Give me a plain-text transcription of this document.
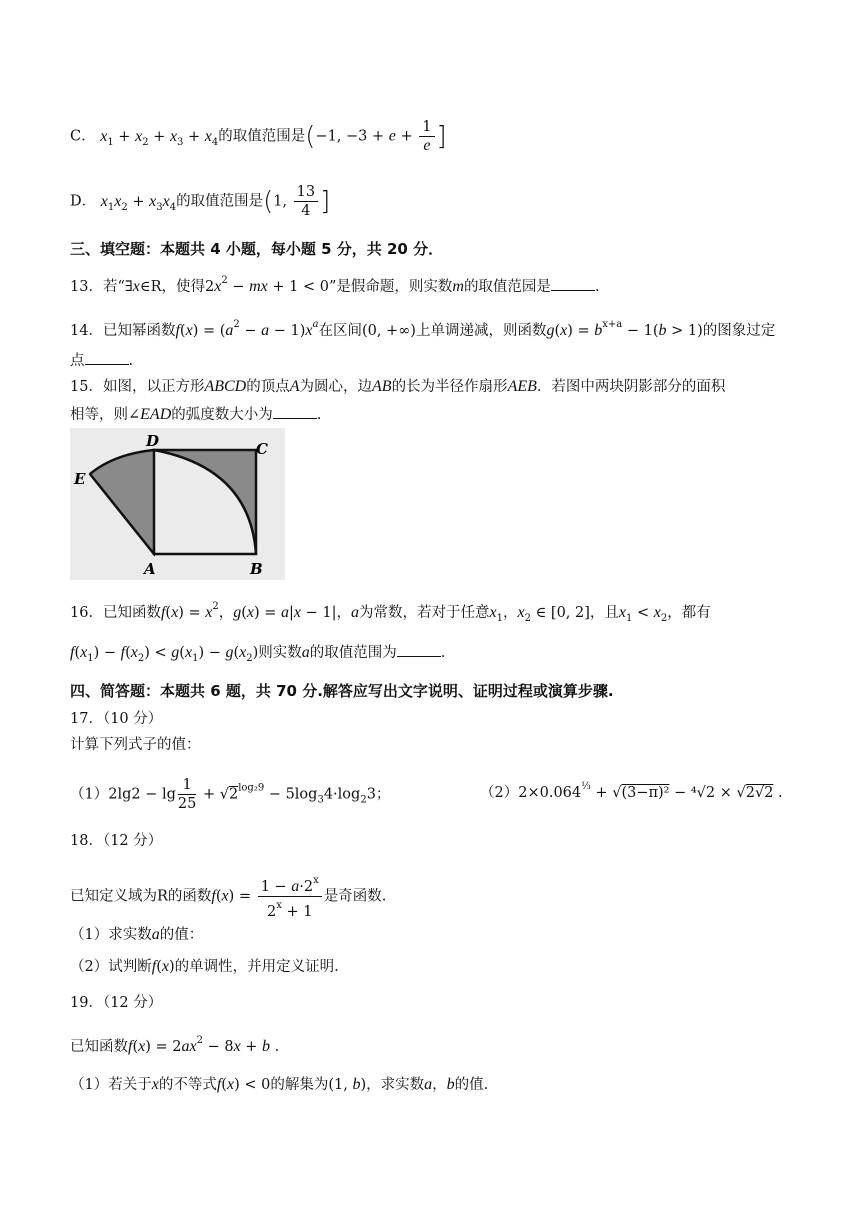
C． $x_1 + x_2 + x_3 + x_4$的取值范围是(−1, $-3 + e + \frac{1}{e}$ ]
D． $x_1x_2 + x_3x_4$的取值范围是(1, $\frac{13}{4}$ ]
三、填空题：本题共 4 小题，每小题 5 分，共 20 分．
13．若“∃x∈R，使得$2x^2$ − mx + 1 < 0”是假命题，则实数m的取值范园是	.
14．已知幂函数$f(x) = (a^2 - a - 1)x^a$在区间(0, +∞)上单调递减，则函数$g(x) = b^{x+a} - 1(b > 1)$的图象过定
点	.
15．如图，以正方形ABCD的顶点A为圆心，边AB的长为半径作扇形AEB．若图中两块阴影部分的面积
相等，则∠EAD的弧度数大小为	.
D	C
E
A	B
16．已知函数$f(x) = x^2$，g(x) = a|x − 1|，a为常数，若对于任意$x_1$，$x_2$ ∈ [0, 2]，且$x_1 < x_2$，都有
$f(x_1) - f(x_2) < g(x_1) - g(x_2)$则实数a的取值范围为	.
四、简答题：本题共 6 题，共 70 分.解答应写出文字说明、证明过程或演算步骤.
17．（10 分）
计算下列式子的值：
$(1)2\lg 2 - \lg \frac{1}{25} + √2^{log_29} - 5\log_34\cdot\log_23$；	$(2)2\times 0.064^{\frac{1}{3}} + √(3-\pi)^2 - ^4√2 \times √2√2$ .
18．（12 分）
已知定义域为R的函数$f(x) = \frac{1 - a\cdot 2^x}{2^x + 1}$ 是奇函数.
（1）求实数a的值：
（2）试判断f(x)的单调性，并用定义证明.
19．（12 分）
已知函数$f(x) = 2ax^2 - 8x + b$ .
（1）若关于x的不等式f(x) < 0的解集为(1, b)，求实数a，b的值.
